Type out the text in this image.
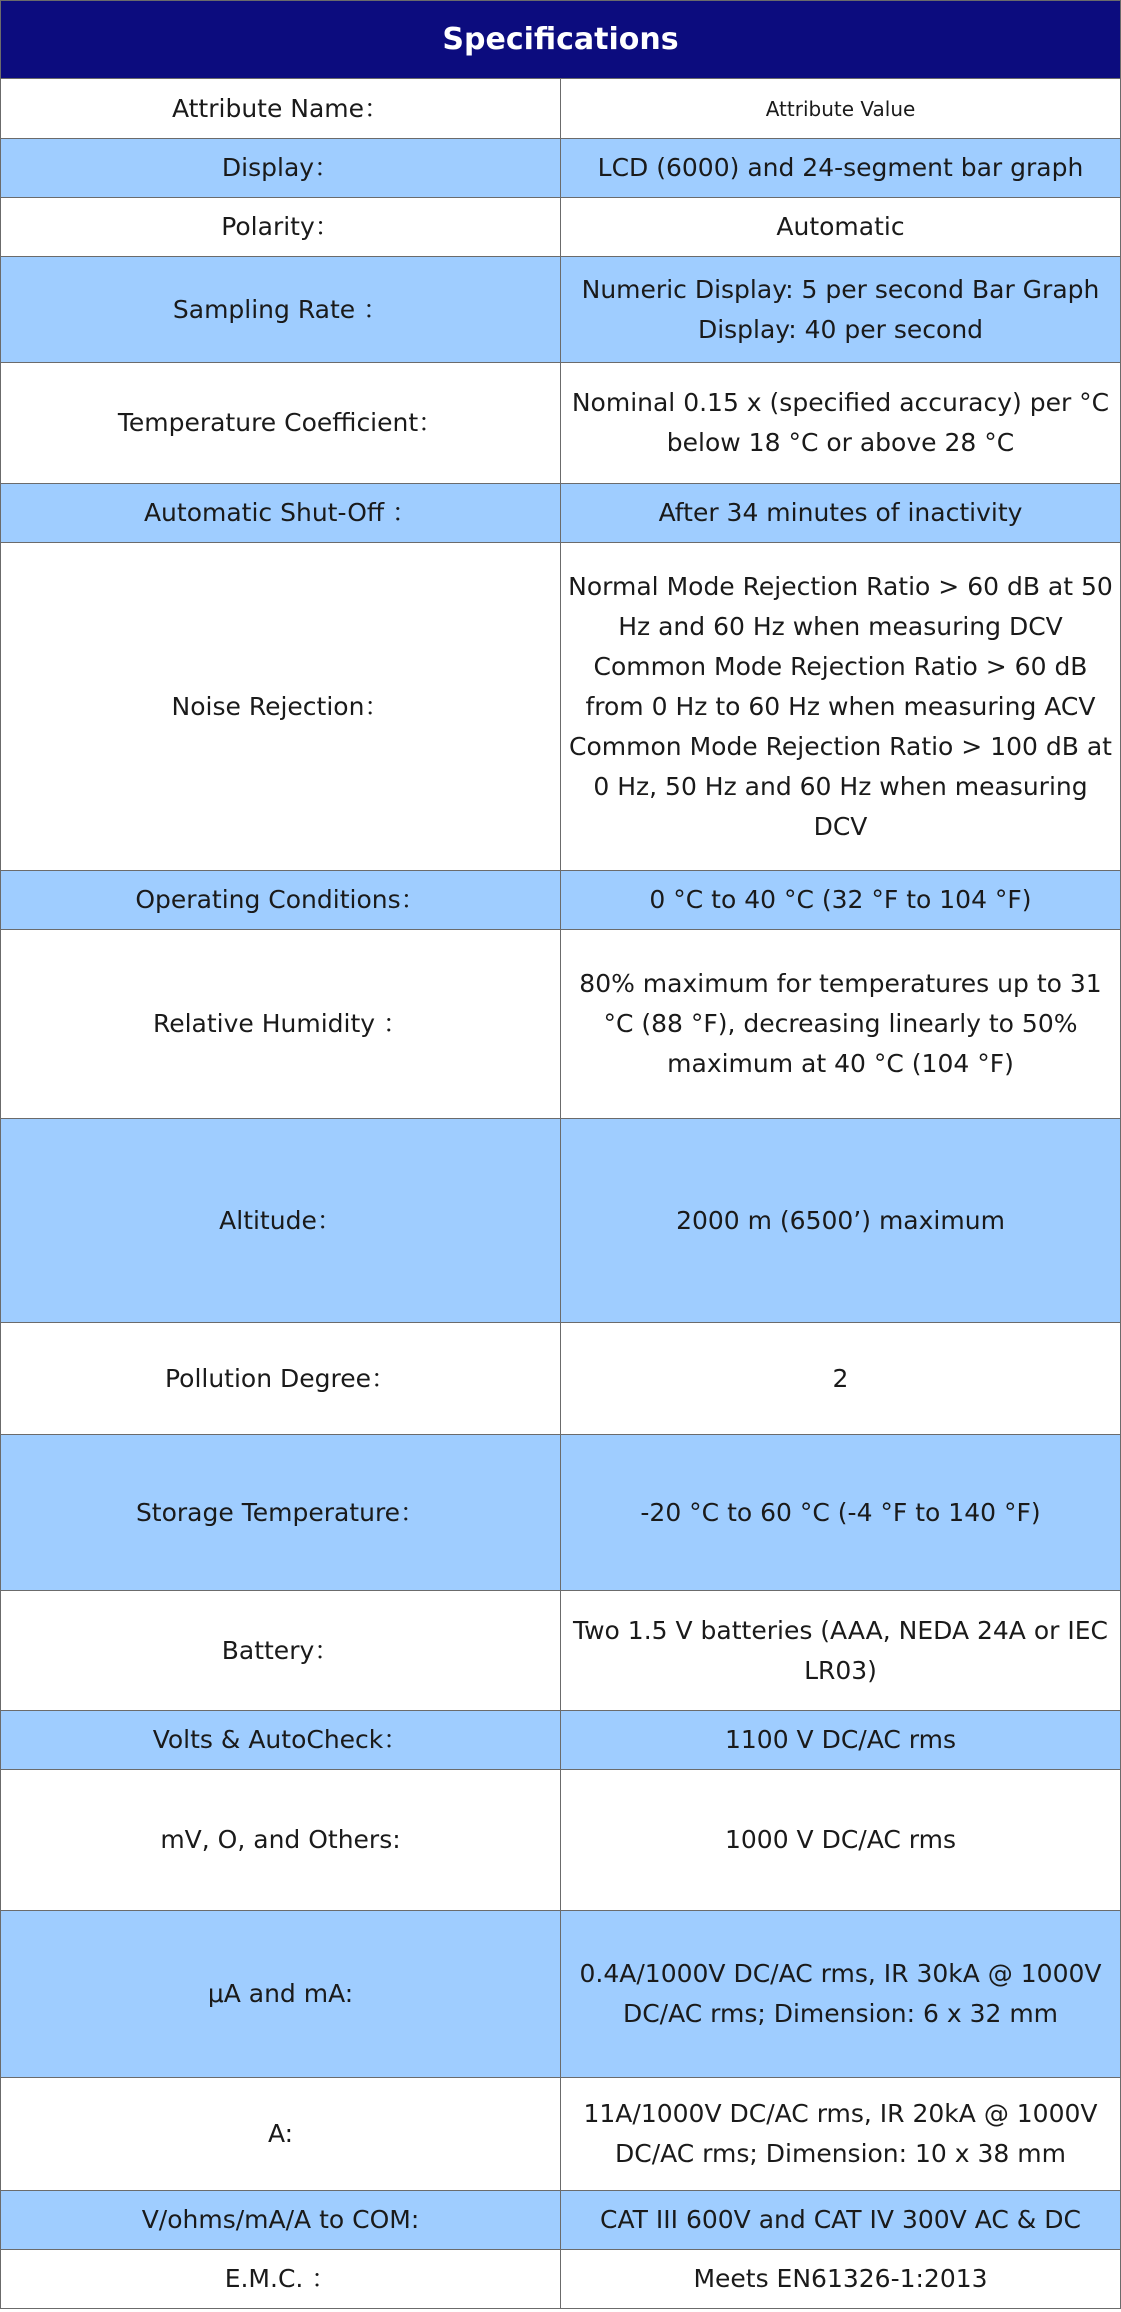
Specifications	
Attribute Name：	Attribute Value
Display：	LCD (6000) and 24-segment bar graph
Polarity：	Automatic
Sampling Rate ：	Numeric Display: 5 per second Bar Graph Display: 40 per second
Temperature Coefficient：	Nominal 0.15 x (specified accuracy) per °C below 18 °C or above 28 °C
Automatic Shut-Off ：	After 34 minutes of inactivity
Noise Rejection：	Normal Mode Rejection Ratio > 60 dB at 50 Hz and 60 Hz when measuring DCV Common Mode Rejection Ratio > 60 dB from 0 Hz to 60 Hz when measuring ACV Common Mode Rejection Ratio > 100 dB at 0 Hz, 50 Hz and 60 Hz when measuring DCV
Operating Conditions：	0 °C to 40 °C (32 °F to 104 °F)
Relative Humidity ：	80% maximum for temperatures up to 31 °C (88 °F), decreasing linearly to 50% maximum at 40 °C (104 °F)
Altitude：	2000 m (6500’) maximum
Pollution Degree：	2
Storage Temperature：	-20 °C to 60 °C (-4 °F to 140 °F)
Battery：	Two 1.5 V batteries (AAA, NEDA 24A or IEC LR03)
Volts & AutoCheck：	1100 V DC/AC rms
mV, O, and Others:	1000 V DC/AC rms
μA and mA:	0.4A/1000V DC/AC rms, IR 30kA @ 1000V DC/AC rms; Dimension: 6 x 32 mm
A:	11A/1000V DC/AC rms, IR 20kA @ 1000V DC/AC rms; Dimension: 10 x 38 mm
V/ohms/mA/A to COM:	CAT III 600V and CAT IV 300V AC & DC
E.M.C. ：	Meets EN61326-1:2013
